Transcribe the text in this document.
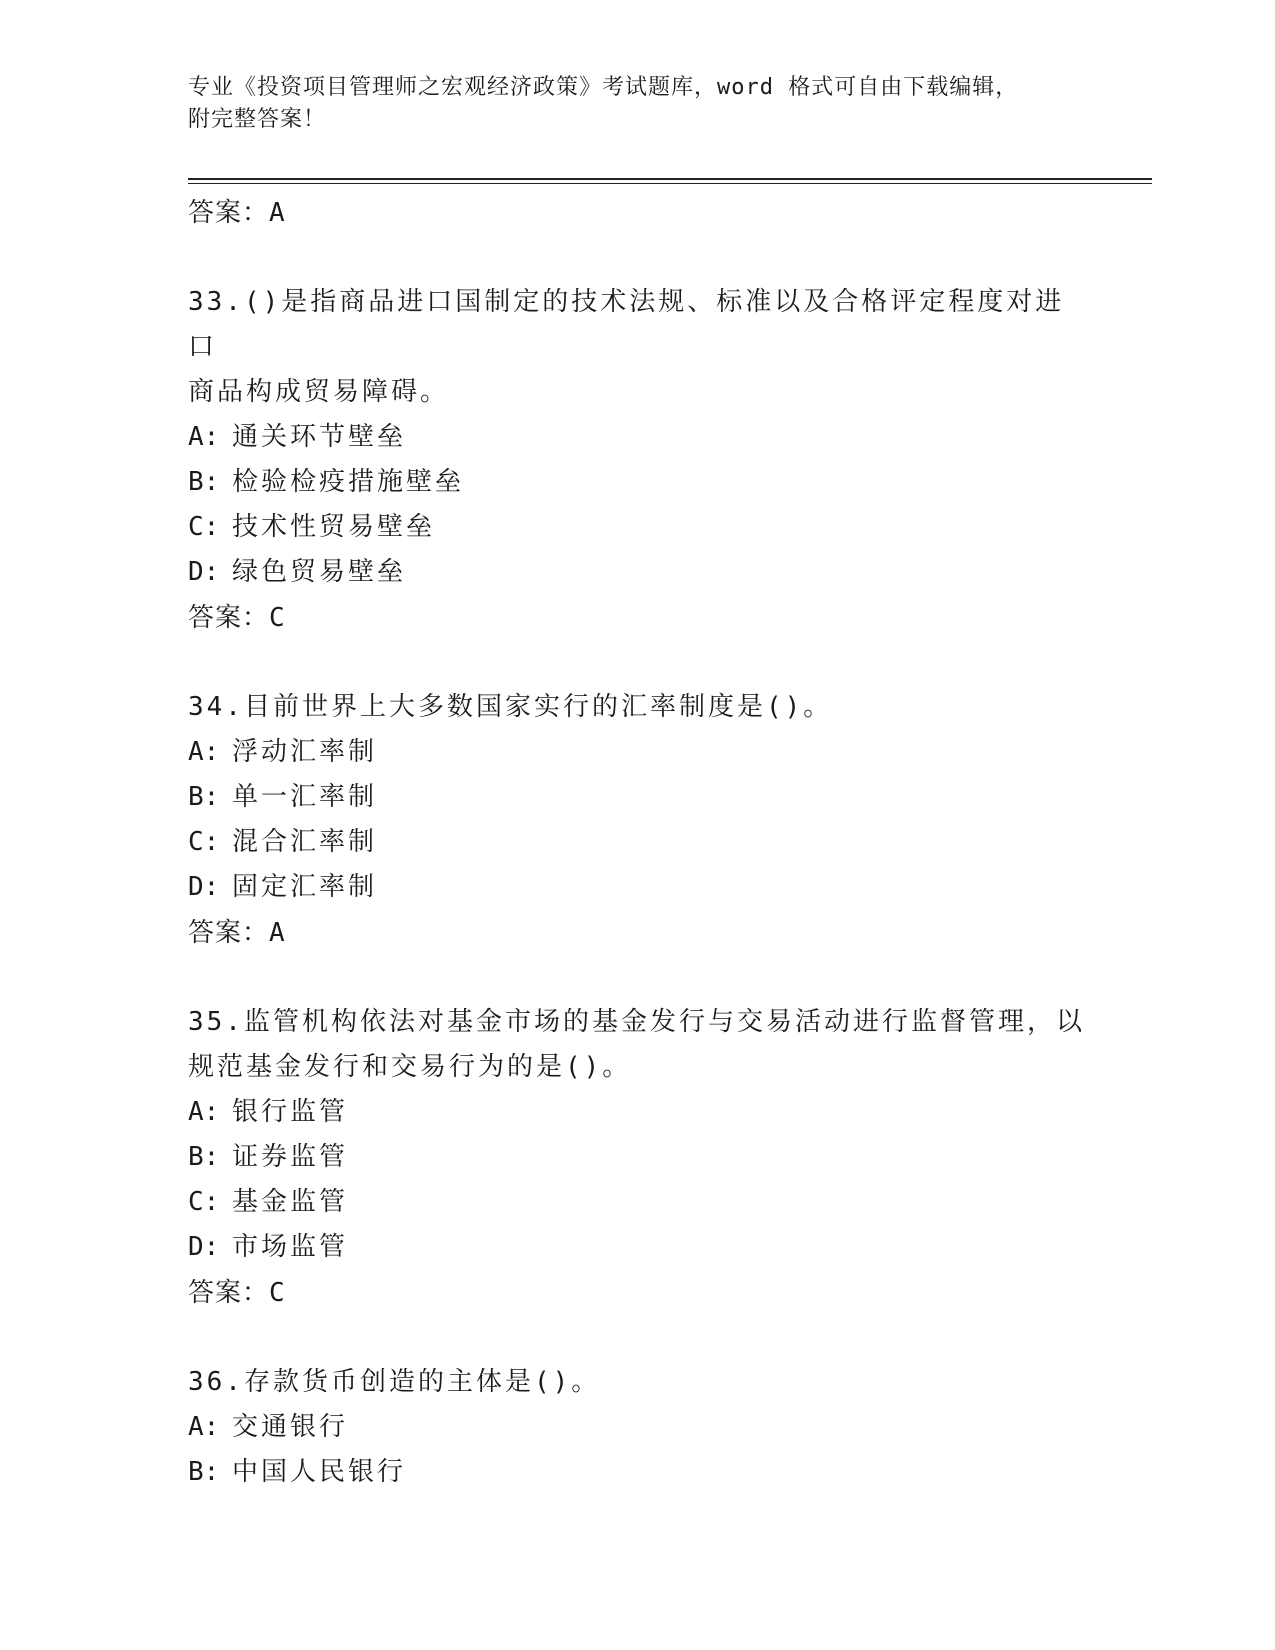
专业《投资项目管理师之宏观经济政策》考试题库，word 格式可自由下载编辑，
附完整答案！
答案：A
33.()是指商品进口国制定的技术法规、标准以及合格评定程度对进口
商品构成贸易障碍。
A: 通关环节壁垒
B: 检验检疫措施壁垒
C: 技术性贸易壁垒
D: 绿色贸易壁垒
答案：C
34.目前世界上大多数国家实行的汇率制度是()。
A: 浮动汇率制
B: 单一汇率制
C: 混合汇率制
D: 固定汇率制
答案：A
35.监管机构依法对基金市场的基金发行与交易活动进行监督管理，以
规范基金发行和交易行为的是()。
A: 银行监管
B: 证券监管
C: 基金监管
D: 市场监管
答案：C
36.存款货币创造的主体是()。
A: 交通银行
B: 中国人民银行
